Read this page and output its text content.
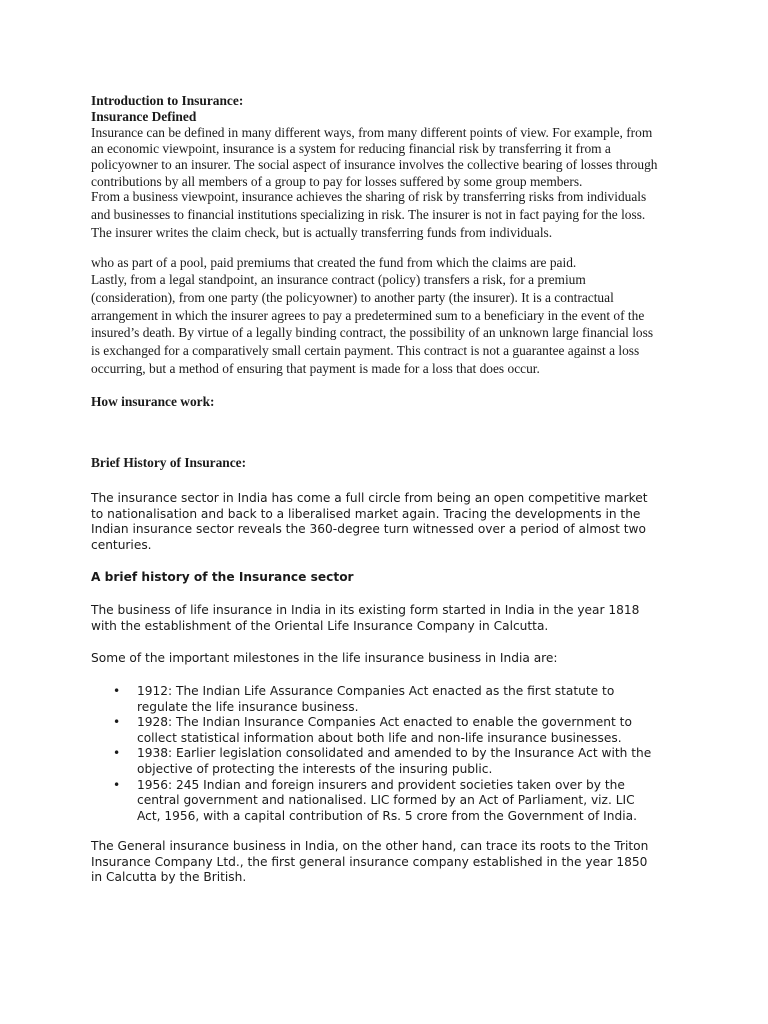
Introduction to Insurance:
Insurance Defined
Insurance can be defined in many different ways, from many different points of view. For example, from
an economic viewpoint, insurance is a system for reducing financial risk by transferring it from a
policyowner to an insurer. The social aspect of insurance involves the collective bearing of losses through
contributions by all members of a group to pay for losses suffered by some group members.
From a business viewpoint, insurance achieves the sharing of risk by transferring risks from individuals
and businesses to financial institutions specializing in risk. The insurer is not in fact paying for the loss.
The insurer writes the claim check, but is actually transferring funds from individuals.
who as part of a pool, paid premiums that created the fund from which the claims are paid.
Lastly, from a legal standpoint, an insurance contract (policy) transfers a risk, for a premium
(consideration), from one party (the policyowner) to another party (the insurer). It is a contractual
arrangement in which the insurer agrees to pay a predetermined sum to a beneficiary in the event of the
insured’s death. By virtue of a legally binding contract, the possibility of an unknown large financial loss
is exchanged for a comparatively small certain payment. This contract is not a guarantee against a loss
occurring, but a method of ensuring that payment is made for a loss that does occur.
How insurance work:
Brief History of Insurance:
The insurance sector in India has come a full circle from being an open competitive market
to nationalisation and back to a liberalised market again. Tracing the developments in the
Indian insurance sector reveals the 360-degree turn witnessed over a period of almost two
centuries.
A brief history of the Insurance sector
The business of life insurance in India in its existing form started in India in the year 1818
with the establishment of the Oriental Life Insurance Company in Calcutta.
Some of the important milestones in the life insurance business in India are:
• 1912: The Indian Life Assurance Companies Act enacted as the first statute to
regulate the life insurance business.
• 1928: The Indian Insurance Companies Act enacted to enable the government to
collect statistical information about both life and non-life insurance businesses.
• 1938: Earlier legislation consolidated and amended to by the Insurance Act with the
objective of protecting the interests of the insuring public.
• 1956: 245 Indian and foreign insurers and provident societies taken over by the
central government and nationalised. LIC formed by an Act of Parliament, viz. LIC
Act, 1956, with a capital contribution of Rs. 5 crore from the Government of India.
The General insurance business in India, on the other hand, can trace its roots to the Triton
Insurance Company Ltd., the first general insurance company established in the year 1850
in Calcutta by the British.
